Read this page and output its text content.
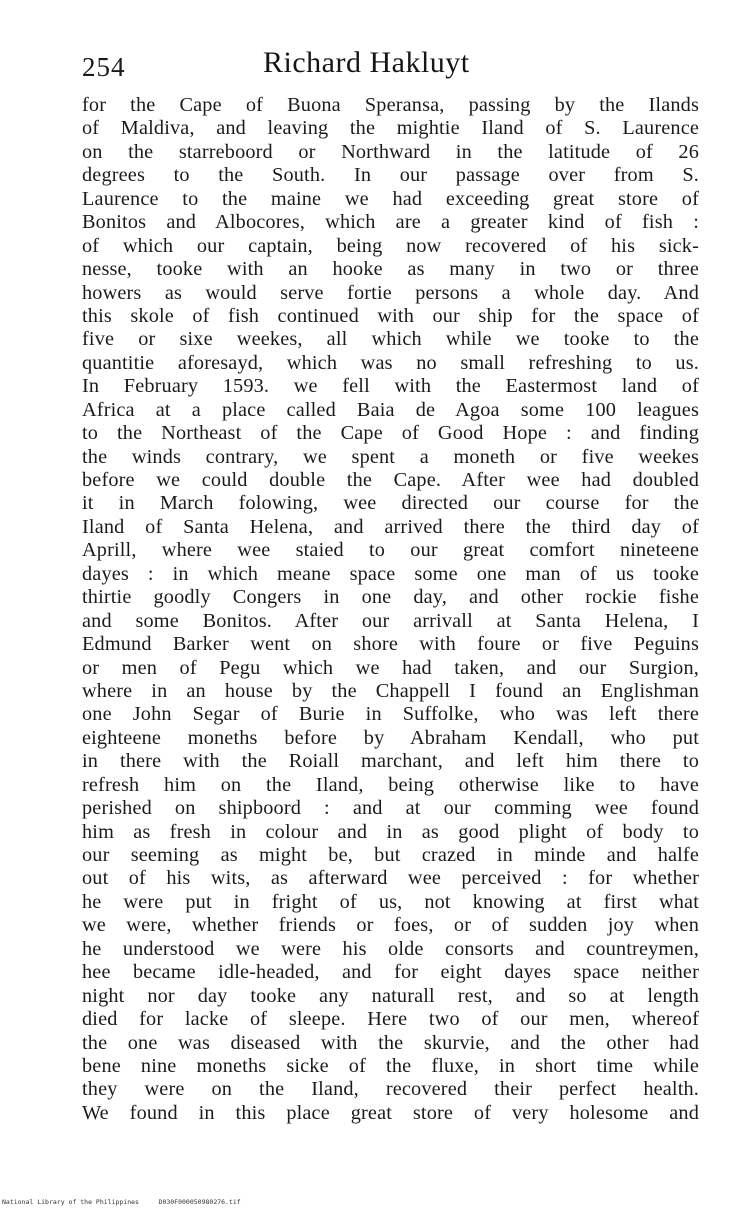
254	Richard Hakluyt
for the Cape of Buona Speransa, passing by the Ilands
of Maldiva, and leaving the mightie Iland of S. Laurence
on the starreboord or Northward in the latitude of 26
degrees to the South. In our passage over from S.
Laurence to the maine we had exceeding great store of
Bonitos and Albocores, which are a greater kind of fish :
of which our captain, being now recovered of his sick-
nesse, tooke with an hooke as many in two or three
howers as would serve fortie persons a whole day. And
this skole of fish continued with our ship for the space of
five or sixe weekes, all which while we tooke to the
quantitie aforesayd, which was no small refreshing to us.
In February 1593. we fell with the Eastermost land of
Africa at a place called Baia de Agoa some 100 leagues
to the Northeast of the Cape of Good Hope : and finding
the winds contrary, we spent a moneth or five weekes
before we could double the Cape. After wee had doubled
it in March folowing, wee directed our course for the
Iland of Santa Helena, and arrived there the third day of
Aprill, where wee staied to our great comfort nineteene
dayes : in which meane space some one man of us tooke
thirtie goodly Congers in one day, and other rockie fishe
and some Bonitos. After our arrivall at Santa Helena, I
Edmund Barker went on shore with foure or five Peguins
or men of Pegu which we had taken, and our Surgion,
where in an house by the Chappell I found an Englishman
one John Segar of Burie in Suffolke, who was left there
eighteene moneths before by Abraham Kendall, who put
in there with the Roiall marchant, and left him there to
refresh him on the Iland, being otherwise like to have
perished on shipboord : and at our comming wee found
him as fresh in colour and in as good plight of body to
our seeming as might be, but crazed in minde and halfe
out of his wits, as afterward wee perceived : for whether
he were put in fright of us, not knowing at first what
we were, whether friends or foes, or of sudden joy when
he understood we were his olde consorts and countreymen,
hee became idle-headed, and for eight dayes space neither
night nor day tooke any naturall rest, and so at length
died for lacke of sleepe. Here two of our men, whereof
the one was diseased with the skurvie, and the other had
bene nine moneths sicke of the fluxe, in short time while
they were on the Iland, recovered their perfect health.
We found in this place great store of very holesome and
National Library of the Philippines     D030F000050980276.tif
